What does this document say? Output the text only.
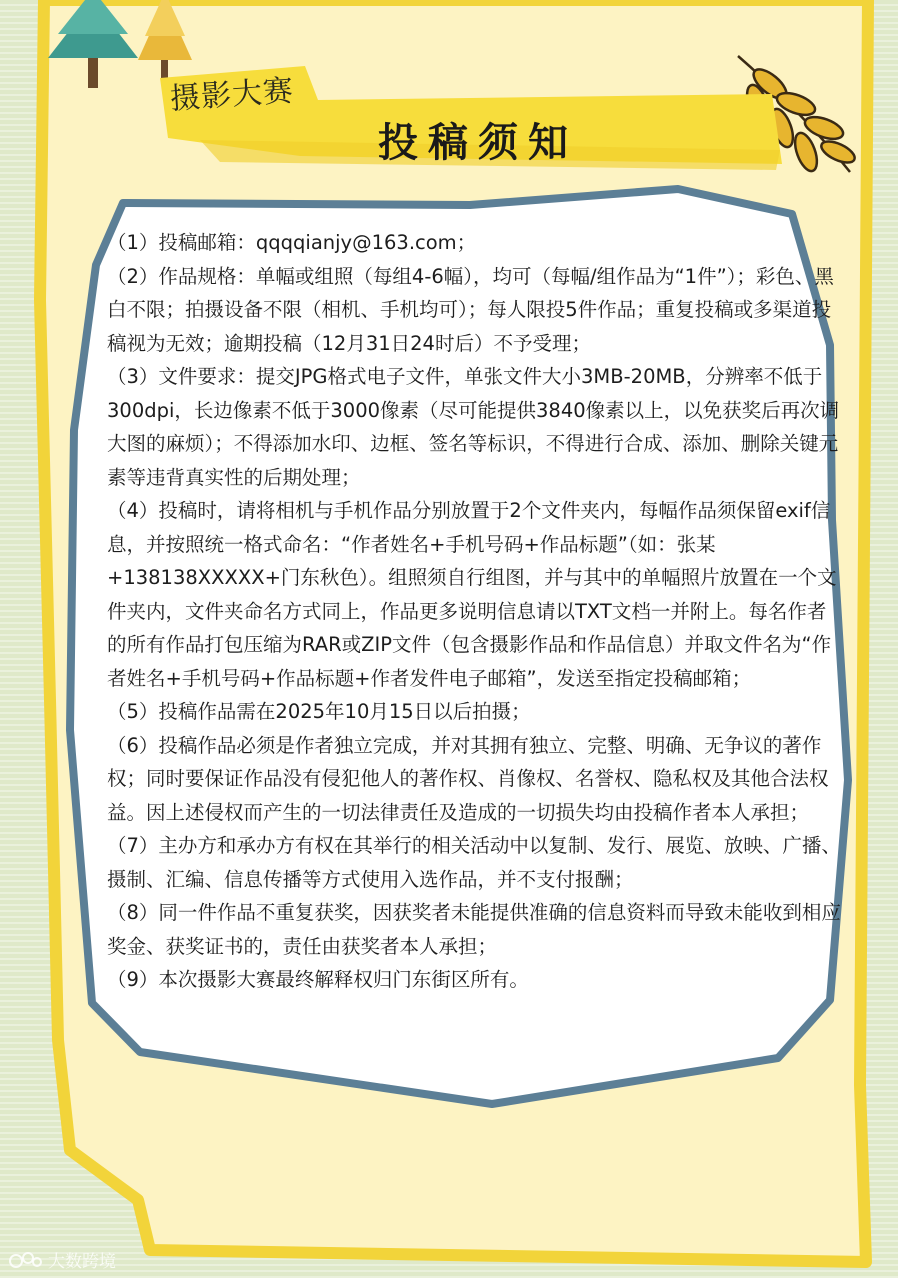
摄影大赛
投稿须知

（1）投稿邮箱：qqqqianjy@163.com；

（2）作品规格：单幅或组照（每组4-6幅），均可（每幅/组作品为“1件”）；彩色、黑白不限；拍摄设备不限（相机、手机均可）；每人限投5件作品；重复投稿或多渠道投稿视为无效；逾期投稿（12月31日24时后）不予受理；

（3）文件要求：提交JPG格式电子文件，单张文件大小3MB-20MB，分辨率不低于300dpi，长边像素不低于3000像素（尽可能提供3840像素以上，以免获奖后再次调大图的麻烦）；不得添加水印、边框、签名等标识，不得进行合成、添加、删除关键元素等违背真实性的后期处理；

（4）投稿时，请将相机与手机作品分别放置于2个文件夹内，每幅作品须保留exif信息，并按照统一格式命名：“作者姓名+手机号码+作品标题”（如：张某+138138XXXXX+门东秋色）。组照须自行组图，并与其中的单幅照片放置在一个文件夹内，文件夹命名方式同上，作品更多说明信息请以TXT文档一并附上。每名作者的所有作品打包压缩为RAR或ZIP文件（包含摄影作品和作品信息）并取文件名为“作者姓名+手机号码+作品标题+作者发件电子邮箱”，发送至指定投稿邮箱；

（5）投稿作品需在2025年10月15日以后拍摄；

（6）投稿作品必须是作者独立完成，并对其拥有独立、完整、明确、无争议的著作权；同时要保证作品没有侵犯他人的著作权、肖像权、名誉权、隐私权及其他合法权益。因上述侵权而产生的一切法律责任及造成的一切损失均由投稿作者本人承担；

（7）主办方和承办方有权在其举行的相关活动中以复制、发行、展览、放映、广播、摄制、汇编、信息传播等方式使用入选作品，并不支付报酬；

（8）同一件作品不重复获奖，因获奖者未能提供准确的信息资料而导致未能收到相应奖金、获奖证书的，责任由获奖者本人承担；

（9）本次摄影大赛最终解释权归门东街区所有。

大数跨境
